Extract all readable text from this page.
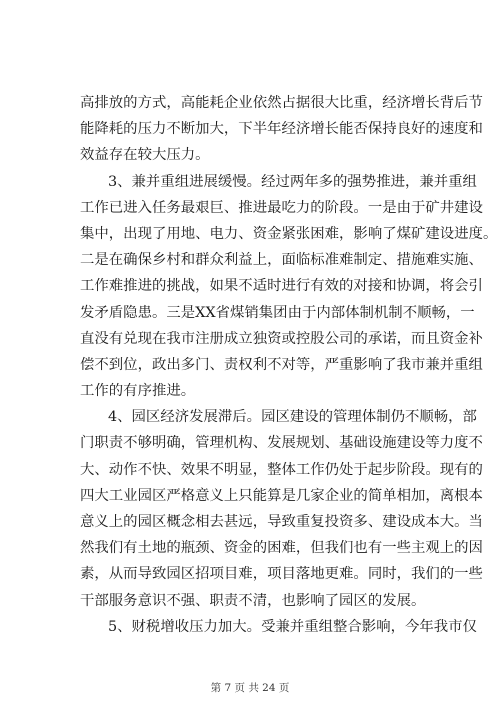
高排放的方式，高能耗企业依然占据很大比重，经济增长背后节
能降耗的压力不断加大，下半年经济增长能否保持良好的速度和
效益存在较大压力。
3、兼并重组进展缓慢。经过两年多的强势推进，兼并重组
工作已进入任务最艰巨、推进最吃力的阶段。一是由于矿井建设
集中，出现了用地、电力、资金紧张困难，影响了煤矿建设进度。
二是在确保乡村和群众利益上，面临标准难制定、措施难实施、
工作难推进的挑战，如果不适时进行有效的对接和协调，将会引
发矛盾隐患。三是XX省煤销集团由于内部体制机制不顺畅，一
直没有兑现在我市注册成立独资或控股公司的承诺，而且资金补
偿不到位，政出多门、责权利不对等，严重影响了我市兼并重组
工作的有序推进。
4、园区经济发展滞后。园区建设的管理体制仍不顺畅，部
门职责不够明确，管理机构、发展规划、基础设施建设等力度不
大、动作不快、效果不明显，整体工作仍处于起步阶段。现有的
四大工业园区严格意义上只能算是几家企业的简单相加，离根本
意义上的园区概念相去甚远，导致重复投资多、建设成本大。当
然我们有土地的瓶颈、资金的困难，但我们也有一些主观上的因
素，从而导致园区招项目难，项目落地更难。同时，我们的一些
干部服务意识不强、职责不清，也影响了园区的发展。
5、财税增收压力加大。受兼并重组整合影响，今年我市仅
第 7 页 共 24 页
